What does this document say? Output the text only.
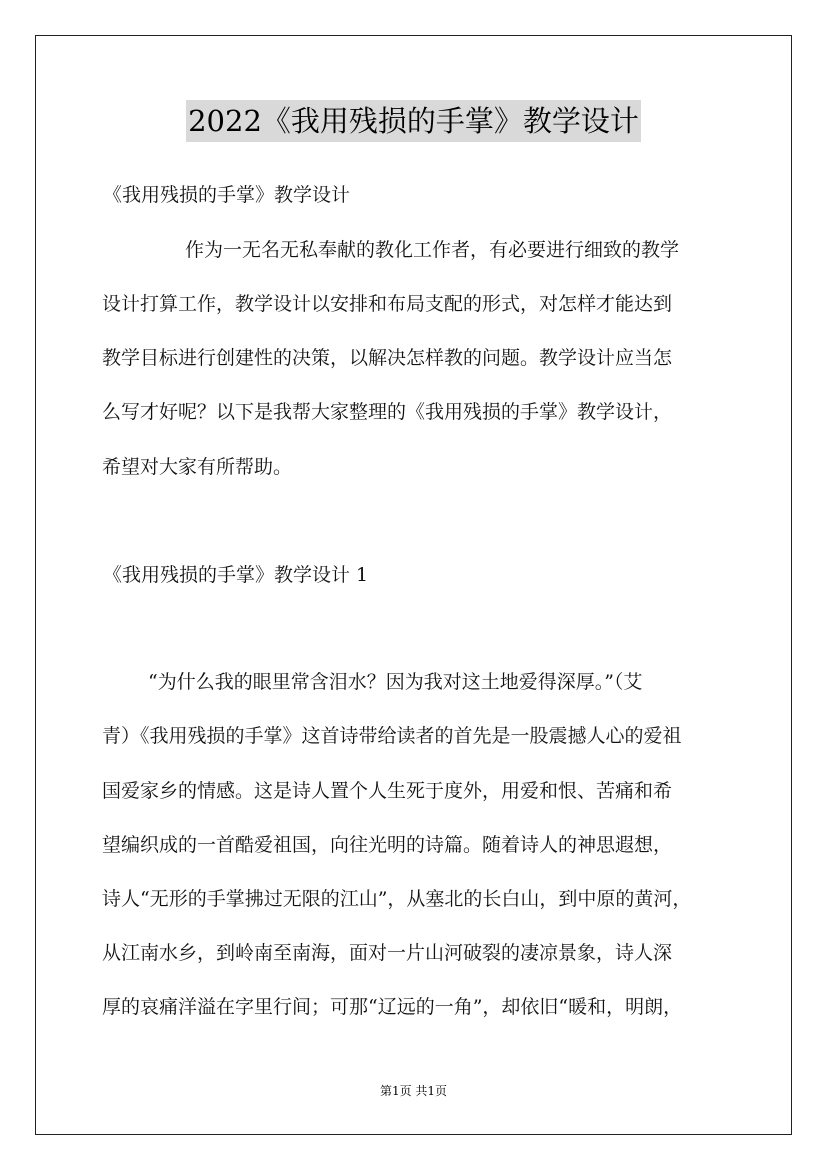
2022《我用残损的手掌》教学设计
《我用残损的手掌》教学设计
作为一无名无私奉献的教化工作者，有必要进行细致的教学
设计打算工作，教学设计以安排和布局支配的形式，对怎样才能达到
教学目标进行创建性的决策，以解决怎样教的问题。教学设计应当怎
么写才好呢？以下是我帮大家整理的《我用残损的手掌》教学设计，
希望对大家有所帮助。
《我用残损的手掌》教学设计 1
“为什么我的眼里常含泪水？因为我对这土地爱得深厚。”（艾
青）《我用残损的手掌》这首诗带给读者的首先是一股震撼人心的爱祖
国爱家乡的情感。这是诗人置个人生死于度外，用爱和恨、苦痛和希
望编织成的一首酷爱祖国，向往光明的诗篇。随着诗人的神思遐想，
诗人“无形的手掌拂过无限的江山”，从塞北的长白山，到中原的黄河，
从江南水乡，到岭南至南海，面对一片山河破裂的凄凉景象，诗人深
厚的哀痛洋溢在字里行间；可那“辽远的一角”，却依旧“暖和，明朗，
第1页 共1页
